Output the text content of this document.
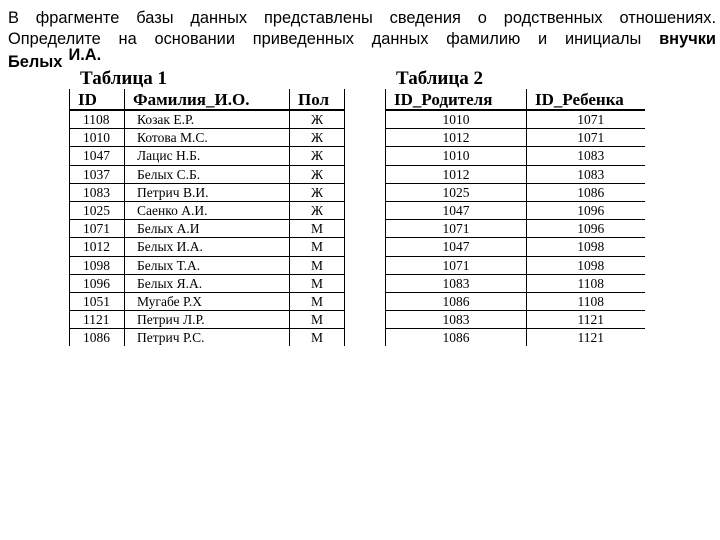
В фрагменте базы данных представлены сведения о родственных отношениях.
Определите на основании приведенных данных фамилию и инициалы внучки
Белых И.А.
Таблица 1	Таблица 2
ID	Фамилия_И.О.	Пол
1108	Козак Е.Р.	Ж
1010	Котова М.С.	Ж
1047	Лацис Н.Б.	Ж
1037	Белых С.Б.	Ж
1083	Петрич В.И.	Ж
1025	Саенко А.И.	Ж
1071	Белых А.И	М
1012	Белых И.А.	М
1098	Белых Т.А.	М
1096	Белых Я.А.	М
1051	Мугабе Р.Х	М
1121	Петрич Л.Р.	М
1086	Петрич Р.С.	М
ID_Родителя	ID_Ребенка
1010	1071
1012	1071
1010	1083
1012	1083
1025	1086
1047	1096
1071	1096
1047	1098
1071	1098
1083	1108
1086	1108
1083	1121
1086	1121
